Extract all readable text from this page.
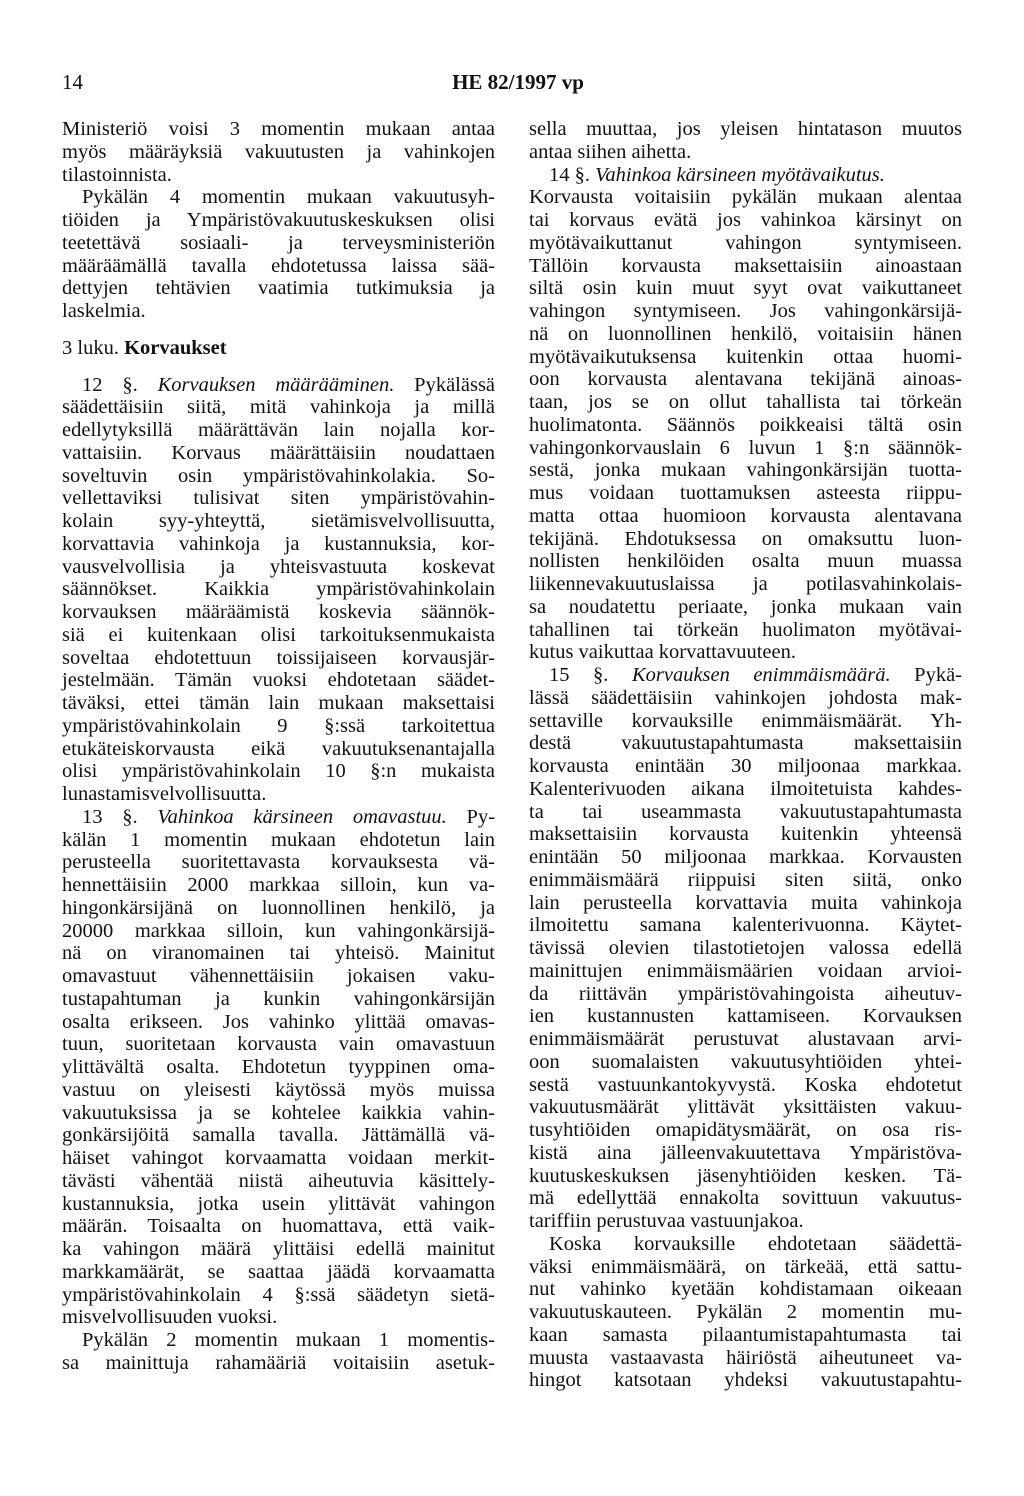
14	HE 82/1997 vp
Ministeriö voisi 3 momentin mukaan antaa
myös määräyksiä vakuutusten ja vahinkojen
tilastoinnista.
Pykälän 4 momentin mukaan vakuutusyh-
tiöiden ja Ympäristövakuutuskeskuksen olisi
teetettävä sosiaali- ja terveysministeriön
määräämällä tavalla ehdotetussa laissa sää-
dettyjen tehtävien vaatimia tutkimuksia ja
laskelmia.
3 luku. Korvaukset
12 §. Korvauksen määrääminen. Pykälässä
säädettäisiin siitä, mitä vahinkoja ja millä
edellytyksillä määrättävän lain nojalla kor-
vattaisiin. Korvaus määrättäisiin noudattaen
soveltuvin osin ympäristövahinkolakia. So-
vellettaviksi tulisivat siten ympäristövahin-
kolain syy-yhteyttä, sietämisvelvollisuutta,
korvattavia vahinkoja ja kustannuksia, kor-
vausvelvollisia ja yhteisvastuuta koskevat
säännökset. Kaikkia ympäristövahinkolain
korvauksen määräämistä koskevia säännök-
siä ei kuitenkaan olisi tarkoituksenmukaista
soveltaa ehdotettuun toissijaiseen korvausjär-
jestelmään. Tämän vuoksi ehdotetaan säädet-
täväksi, ettei tämän lain mukaan maksettaisi
ympäristövahinkolain 9 §:ssä tarkoitettua
etukäteiskorvausta eikä vakuutuksenantajalla
olisi ympäristövahinkolain 10 §:n mukaista
lunastamisvelvollisuutta.
13 §. Vahinkoa kärsineen omavastuu. Py-
kälän 1 momentin mukaan ehdotetun lain
perusteella suoritettavasta korvauksesta vä-
hennettäisiin 2000 markkaa silloin, kun va-
hingonkärsijänä on luonnollinen henkilö, ja
20000 markkaa silloin, kun vahingonkärsijä-
nä on viranomainen tai yhteisö. Mainitut
omavastuut vähennettäisiin jokaisen vaku-
tustapahtuman ja kunkin vahingonkärsijän
osalta erikseen. Jos vahinko ylittää omavas-
tuun, suoritetaan korvausta vain omavastuun
ylittävältä osalta. Ehdotetun tyyppinen oma-
vastuu on yleisesti käytössä myös muissa
vakuutuksissa ja se kohtelee kaikkia vahin-
gonkärsijöitä samalla tavalla. Jättämällä vä-
häiset vahingot korvaamatta voidaan merkit-
tävästi vähentää niistä aiheutuvia käsittely-
kustannuksia, jotka usein ylittävät vahingon
määrän. Toisaalta on huomattava, että vaik-
ka vahingon määrä ylittäisi edellä mainitut
markkamäärät, se saattaa jäädä korvaamatta
ympäristövahinkolain 4 §:ssä säädetyn sietä-
misvelvollisuuden vuoksi.
Pykälän 2 momentin mukaan 1 momentis-
sa mainittuja rahamääriä voitaisiin asetuk-
sella muuttaa, jos yleisen hintatason muutos
antaa siihen aihetta.
14 §. Vahinkoa kärsineen myötävaikutus.
Korvausta voitaisiin pykälän mukaan alentaa
tai korvaus evätä jos vahinkoa kärsinyt on
myötävaikuttanut vahingon syntymiseen.
Tällöin korvausta maksettaisiin ainoastaan
siltä osin kuin muut syyt ovat vaikuttaneet
vahingon syntymiseen. Jos vahingonkärsijä-
nä on luonnollinen henkilö, voitaisiin hänen
myötävaikutuksensa kuitenkin ottaa huomi-
oon korvausta alentavana tekijänä ainoas-
taan, jos se on ollut tahallista tai törkeän
huolimatonta. Säännös poikkeaisi tältä osin
vahingonkorvauslain 6 luvun 1 §:n säännök-
sestä, jonka mukaan vahingonkärsijän tuotta-
mus voidaan tuottamuksen asteesta riippu-
matta ottaa huomioon korvausta alentavana
tekijänä. Ehdotuksessa on omaksuttu luon-
nollisten henkilöiden osalta muun muassa
liikennevakuutuslaissa ja potilasvahinkolais-
sa noudatettu periaate, jonka mukaan vain
tahallinen tai törkeän huolimaton myötävai-
kutus vaikuttaa korvattavuuteen.
15 §. Korvauksen enimmäismäärä. Pykä-
lässä säädettäisiin vahinkojen johdosta mak-
settaville korvauksille enimmäismäärät. Yh-
destä vakuutustapahtumasta maksettaisiin
korvausta enintään 30 miljoonaa markkaa.
Kalenterivuoden aikana ilmoitetuista kahdes-
ta tai useammasta vakuutustapahtumasta
maksettaisiin korvausta kuitenkin yhteensä
enintään 50 miljoonaa markkaa. Korvausten
enimmäismäärä riippuisi siten siitä, onko
lain perusteella korvattavia muita vahinkoja
ilmoitettu samana kalenterivuonna. Käytet-
tävissä olevien tilastotietojen valossa edellä
mainittujen enimmäismäärien voidaan arvioi-
da riittävän ympäristövahingoista aiheutuv-
ien kustannusten kattamiseen. Korvauksen
enimmäismäärät perustuvat alustavaan arvi-
oon suomalaisten vakuutusyhtiöiden yhtei-
sestä vastuunkantokyvystä. Koska ehdotetut
vakuutusmäärät ylittävät yksittäisten vakuu-
tusyhtiöiden omapidätysmäärät, on osa ris-
kistä aina jälleenvakuutettava Ympäristöva-
kuutuskeskuksen jäsenyhtiöiden kesken. Tä-
mä edellyttää ennakolta sovittuun vakuutus-
tariffiin perustuvaa vastuunjakoa.
Koska korvauksille ehdotetaan säädettä-
väksi enimmäismäärä, on tärkeää, että sattu-
nut vahinko kyetään kohdistamaan oikeaan
vakuutuskauteen. Pykälän 2 momentin mu-
kaan samasta pilaantumistapahtumasta tai
muusta vastaavasta häiriöstä aiheutuneet va-
hingot katsotaan yhdeksi vakuutustapahtu-
